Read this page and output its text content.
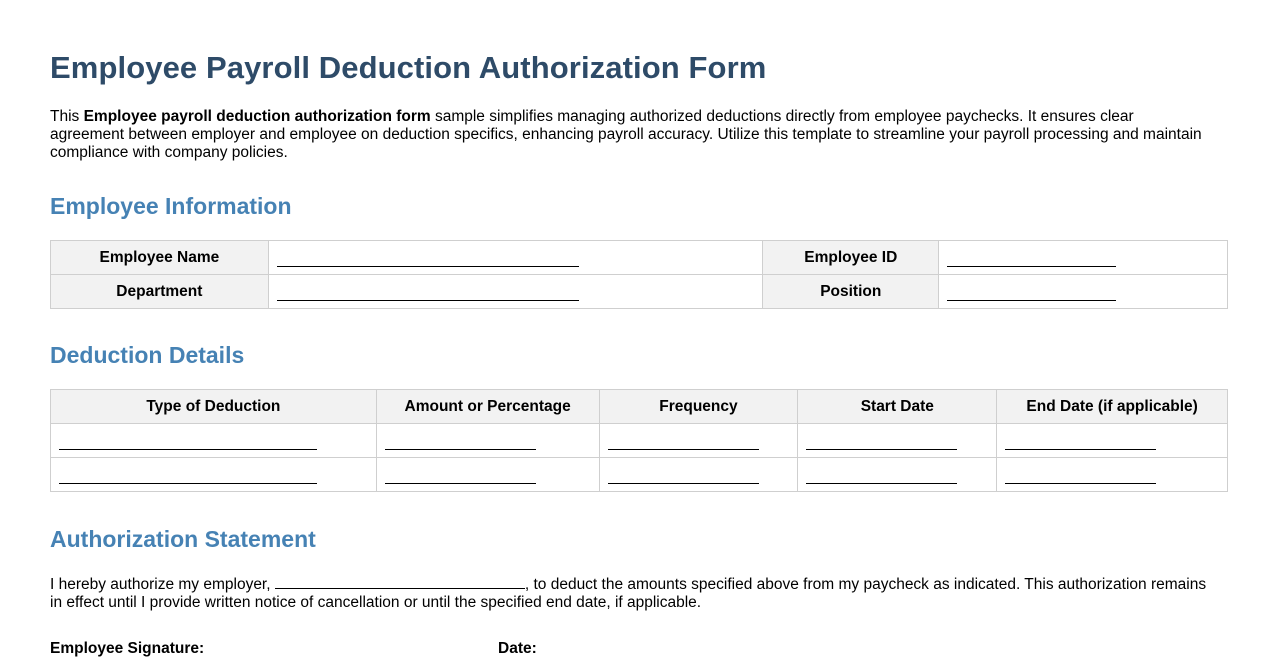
Employee Payroll Deduction Authorization Form

This Employee payroll deduction authorization form sample simplifies managing authorized deductions directly from employee paychecks. It ensures clear agreement between employer and employee on deduction specifics, enhancing payroll accuracy. Utilize this template to streamline your payroll processing and maintain compliance with company policies.

Employee Information
Employee Name		Employee ID	
Department		Position	
Deduction Details
Type of Deduction	Amount or Percentage	Frequency	Start Date	End Date (if applicable)

Authorization Statement

I hereby authorize my employer,	, to deduct the amounts specified above from my paycheck as indicated. This authorization remains in effect until I provide written notice of cancellation or until the specified end date, if applicable.

Employee Signature:	Date:
